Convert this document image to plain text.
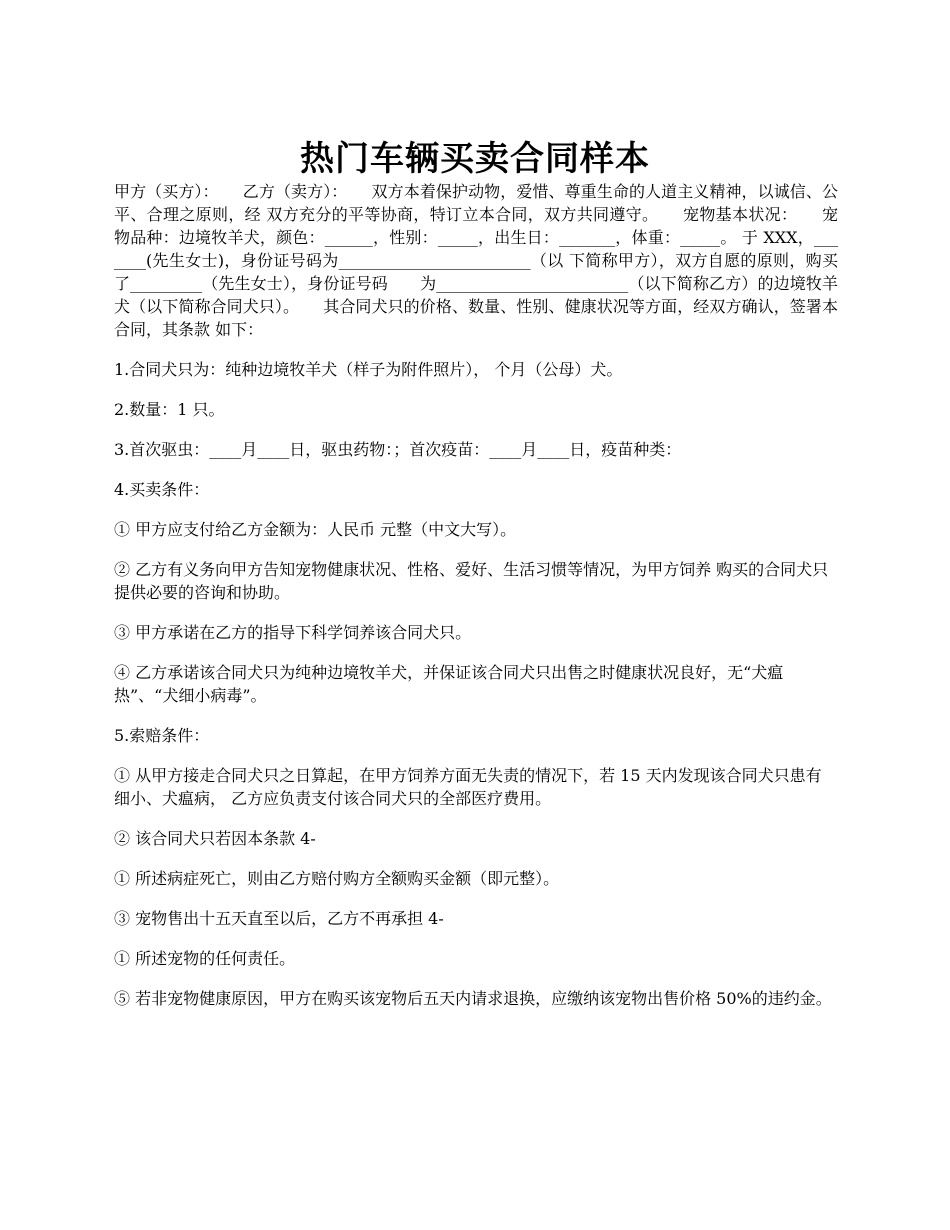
热门车辆买卖合同样本

甲方（买方）：　　乙方（卖方）：　　双方本着保护动物，爱惜、尊重生命的人道主义精神，以诚信、公平、合理之原则，经 双方充分的平等协商，特订立本合同，双方共同遵守。　　宠物基本状况：　　宠物品种：边境牧羊犬，颜色：______，性别：_____，出生日：_______，体重：_____。 于 XXX，_______(先生女士)，身份证号码为________________________（以 下简称甲方），双方自愿的原则，购买了_________（先生女士），身份证号码　　为________________________（以下简称乙方）的边境牧羊犬（以下简称合同犬只）。　　其合同犬只的价格、数量、性别、健康状况等方面，经双方确认，签署本合同，其条款 如下：

1.合同犬只为：纯种边境牧羊犬（样子为附件照片）， 个月（公母）犬。

2.数量：1 只。

3.首次驱虫：____月____日，驱虫药物：；首次疫苗：____月____日，疫苗种类：

4.买卖条件：

① 甲方应支付给乙方金额为：人民币 元整（中文大写）。

② 乙方有义务向甲方告知宠物健康状况、性格、爱好、生活习惯等情况，为甲方饲养 购买的合同犬只提供必要的咨询和协助。

③ 甲方承诺在乙方的指导下科学饲养该合同犬只。

④ 乙方承诺该合同犬只为纯种边境牧羊犬，并保证该合同犬只出售之时健康状况良好，无“犬瘟热”、“犬细小病毒”。

5.索赔条件：

① 从甲方接走合同犬只之日算起，在甲方饲养方面无失责的情况下，若 15 天内发现该合同犬只患有 细小、犬瘟病， 乙方应负责支付该合同犬只的全部医疗费用。

② 该合同犬只若因本条款 4-

① 所述病症死亡，则由乙方赔付购方全额购买金额（即元整）。

③ 宠物售出十五天直至以后，乙方不再承担 4-

① 所述宠物的任何责任。

⑤ 若非宠物健康原因，甲方在购买该宠物后五天内请求退换，应缴纳该宠物出售价格 50%的违约金。
